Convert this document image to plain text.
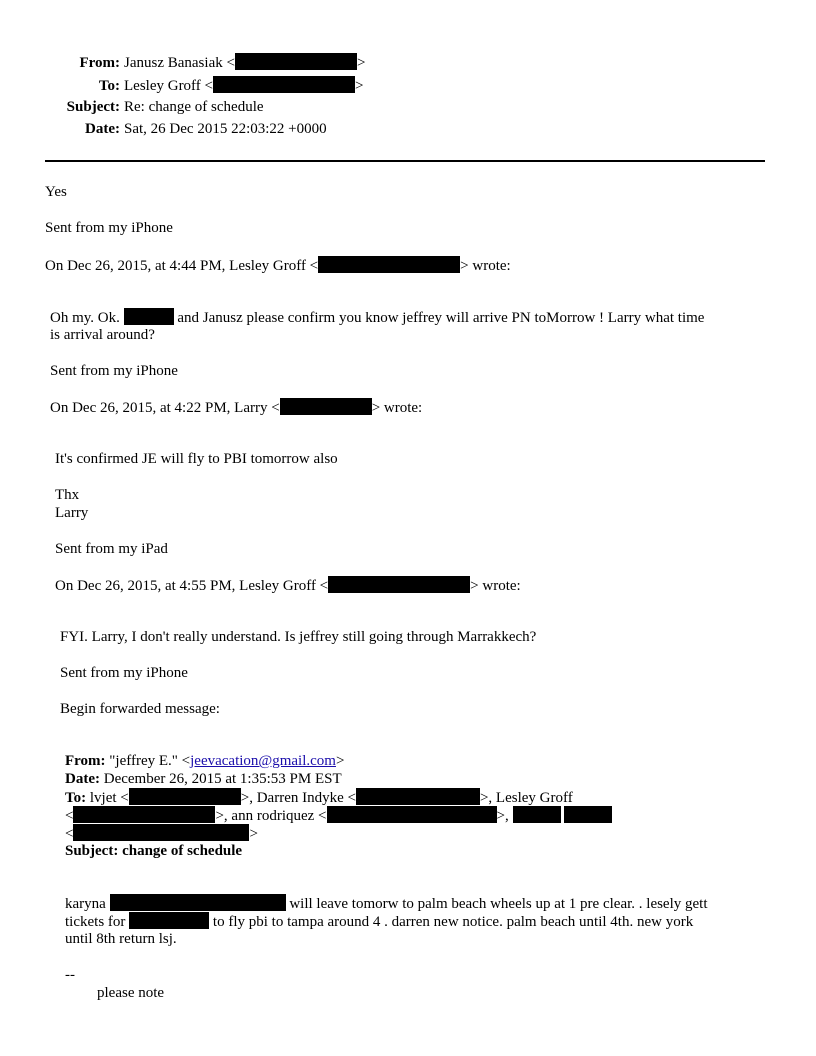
From: Janusz Banasiak <	>
To: Lesley Groff <	>
Subject: Re: change of schedule
Date: Sat, 26 Dec 2015 22:03:22 +0000
Yes
Sent from my iPhone
On Dec 26, 2015, at 4:44 PM, Lesley Groff <	> wrote:
Oh my. Ok.	and Janusz please confirm you know jeffrey will arrive PN toMorrow ! Larry what time
is arrival around?
Sent from my iPhone
On Dec 26, 2015, at 4:22 PM, Larry <	> wrote:
It's confirmed JE will fly to PBI tomorrow also
Thx
Larry
Sent from my iPad
On Dec 26, 2015, at 4:55 PM, Lesley Groff <	> wrote:
FYI. Larry, I don't really understand. Is jeffrey still going through Marrakkech?
Sent from my iPhone
Begin forwarded message:
From: "jeffrey E." <jeevacation@gmail.com>
Date: December 26, 2015 at 1:35:53 PM EST
To: lvjet <	>, Darren Indyke <	>, Lesley Groff
<	>, ann rodriquez <	>,
<	>
Subject: change of schedule
karyna	will leave tomorw to palm beach wheels up at 1 pre clear. . lesely gett
tickets for	to fly pbi to tampa around 4 . darren new notice. palm beach until 4th. new york
until 8th return lsj.
--
please note
